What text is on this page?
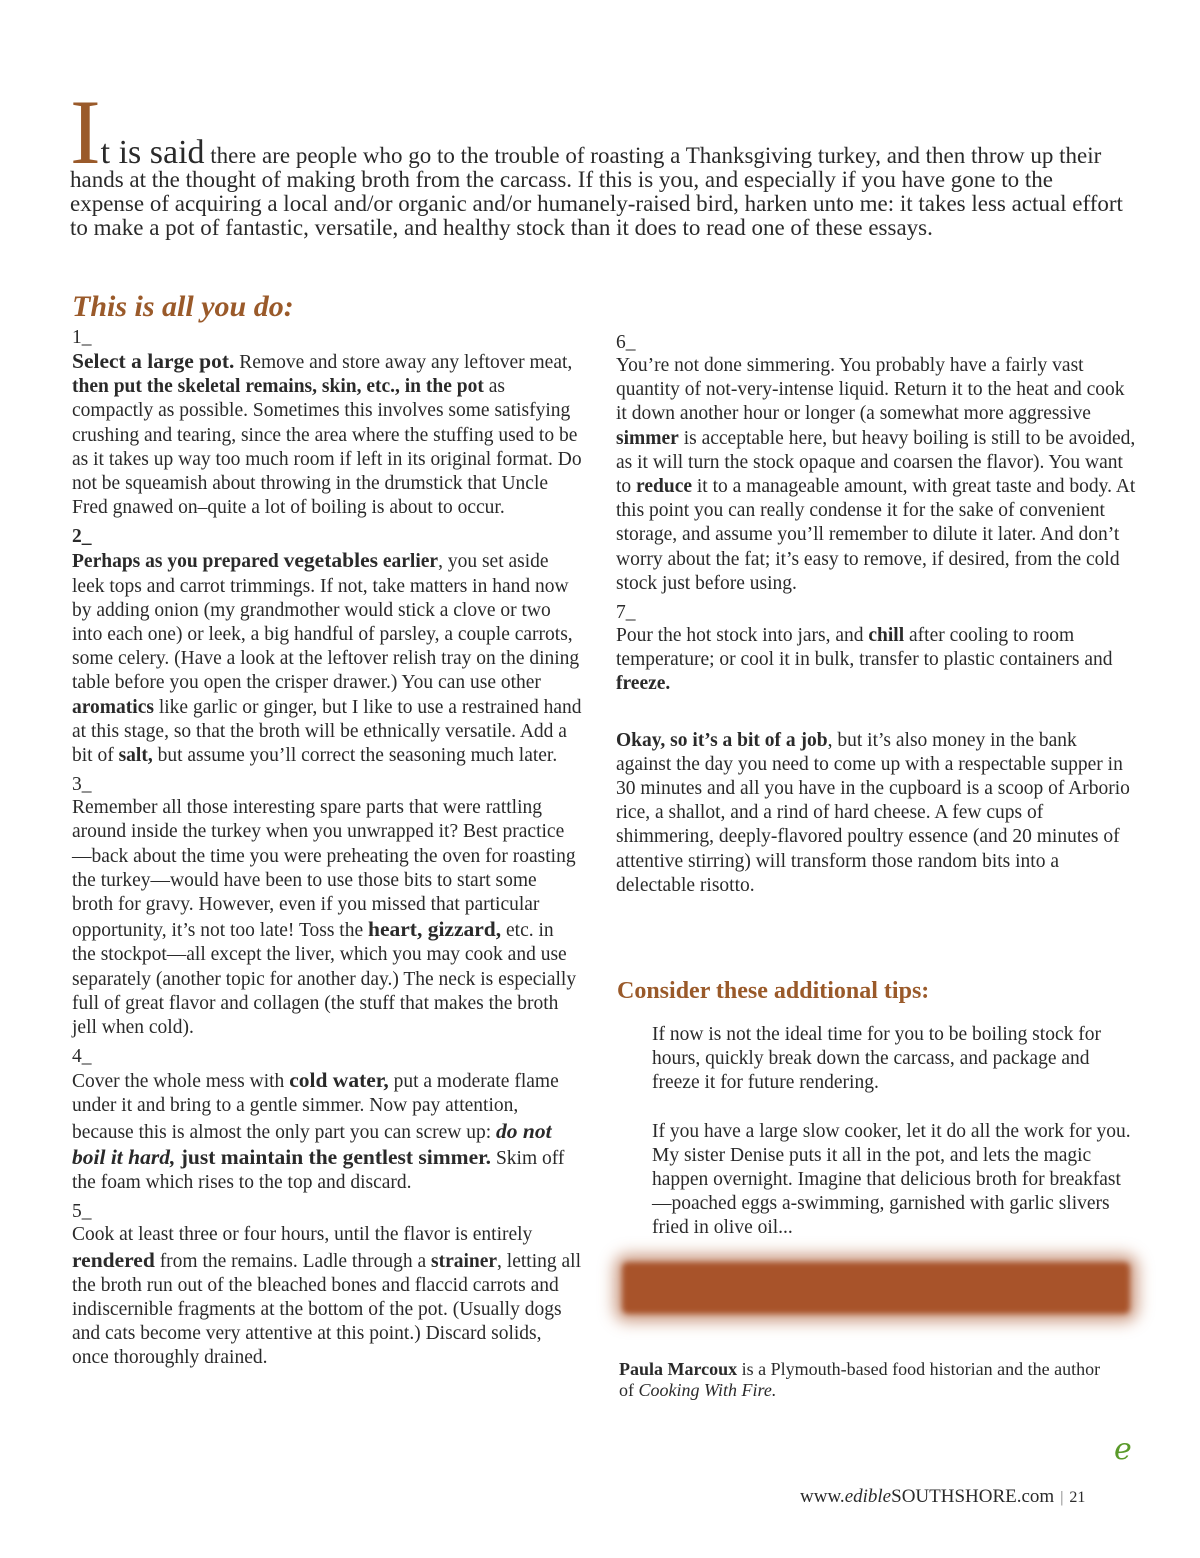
It is said there are people who go to the trouble of roasting a Thanksgiving turkey, and then throw up their hands at the thought of making broth from the carcass. If this is you, and especially if you have gone to the expense of acquiring a local and/or organic and/or humanely-raised bird, harken unto me: it takes less actual effort to make a pot of fantastic, versatile, and healthy stock than it does to read one of these essays.
This is all you do:
1_

Select a large pot. Remove and store away any leftover meat, then put the skeletal remains, skin, etc., in the pot as compactly as possible. Sometimes this involves some satisfying crushing and tearing, since the area where the stuffing used to be as it takes up way too much room if left in its original format. Do not be squeamish about throwing in the drumstick that Uncle Fred gnawed on–quite a lot of boiling is about to occur.

2_

Perhaps as you prepared vegetables earlier, you set aside leek tops and carrot trimmings. If not, take matters in hand now by adding onion (my grandmother would stick a clove or two into each one) or leek, a big handful of parsley, a couple carrots, some celery. (Have a look at the leftover relish tray on the dining table before you open the crisper drawer.) You can use other aromatics like garlic or ginger, but I like to use a restrained hand at this stage, so that the broth will be ethnically versatile. Add a bit of salt, but assume you’ll correct the seasoning much later.

3_

Remember all those interesting spare parts that were rattling around inside the turkey when you unwrapped it? Best practice—back about the time you were preheating the oven for roasting the turkey—would have been to use those bits to start some broth for gravy. However, even if you missed that particular opportunity, it’s not too late! Toss the heart, gizzard, etc. in the stockpot—all except the liver, which you may cook and use separately (another topic for another day.) The neck is especially full of great flavor and collagen (the stuff that makes the broth jell when cold).

4_

Cover the whole mess with cold water, put a moderate flame under it and bring to a gentle simmer. Now pay attention, because this is almost the only part you can screw up: do not boil it hard, just maintain the gentlest simmer. Skim off the foam which rises to the top and discard.

5_

Cook at least three or four hours, until the flavor is entirely rendered from the remains. Ladle through a strainer, letting all the broth run out of the bleached bones and flaccid carrots and indiscernible fragments at the bottom of the pot. (Usually dogs and cats become very attentive at this point.) Discard solids, once thoroughly drained.

6_

You’re not done simmering. You probably have a fairly vast quantity of not-very-intense liquid. Return it to the heat and cook it down another hour or longer (a somewhat more aggressive simmer is acceptable here, but heavy boiling is still to be avoided, as it will turn the stock opaque and coarsen the flavor). You want to reduce it to a manageable amount, with great taste and body. At this point you can really condense it for the sake of convenient storage, and assume you’ll remember to dilute it later. And don’t worry about the fat; it’s easy to remove, if desired, from the cold stock just before using.

7_

Pour the hot stock into jars, and chill after cooling to room temperature; or cool it in bulk, transfer to plastic containers and freeze.

Okay, so it’s a bit of a job, but it’s also money in the bank against the day you need to come up with a respectable supper in 30 minutes and all you have in the cupboard is a scoop of Arborio rice, a shallot, and a rind of hard cheese. A few cups of shimmering, deeply-flavored poultry essence (and 20 minutes of attentive stirring) will transform those random bits into a delectable risotto.

Consider these additional tips:

If now is not the ideal time for you to be boiling stock for hours, quickly break down the carcass, and package and freeze it for future rendering.

If you have a large slow cooker, let it do all the work for you. My sister Denise puts it all in the pot, and lets the magic happen overnight. Imagine that delicious broth for breakfast—poached eggs a-swimming, garnished with garlic slivers fried in olive oil...

Paula Marcoux is a Plymouth-based food historian and the author of Cooking With Fire.
e
www.edibleSOUTHSHORE.com | 21
